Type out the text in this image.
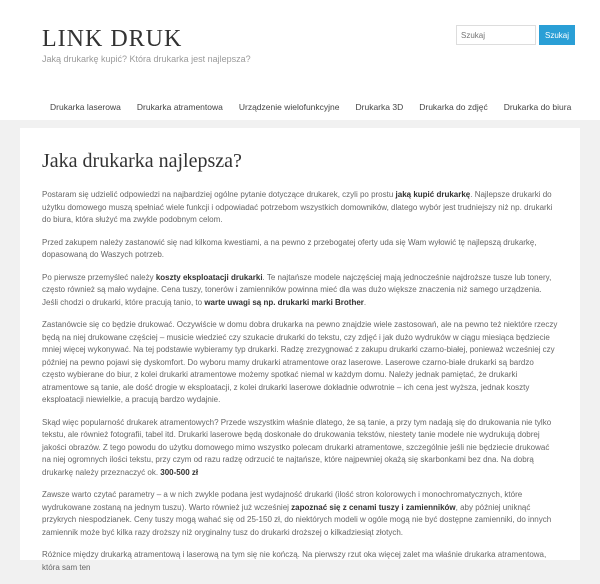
LINK DRUK
Jaką drukarkę kupić? Która drukarka jest najlepsza?
Szukaj
Szukaj
Drukarka laserowa	Drukarka atramentowa	Urządzenie wielofunkcyjne	Drukarka 3D	Drukarka do zdjęć	Drukarka do biura
Jaka drukarka najlepsza?

Postaram się udzielić odpowiedzi na najbardziej ogólne pytanie dotyczące drukarek, czyli po prostu jaką kupić drukarkę. Najlepsze drukarki do użytku domowego muszą spełniać wiele funkcji i odpowiadać potrzebom wszystkich domowników, dlatego wybór jest trudniejszy niż np. drukarki do biura, która służyć ma zwykle podobnym celom.

Przed zakupem należy zastanowić się nad kilkoma kwestiami, a na pewno z przebogatej oferty uda się Wam wyłowić tę najlepszą drukarkę, dopasowaną do Waszych potrzeb.

Po pierwsze przemyśleć należy koszty eksploatacji drukarki. Te najtańsze modele najczęściej mają jednocześnie najdroższe tusze lub tonery, często również są mało wydajne. Cena tuszy, tonerów i zamienników powinna mieć dla was dużo większe znaczenia niż samego urządzenia. Jeśli chodzi o drukarki, które pracują tanio, to warte uwagi są np. drukarki marki Brother.

Zastanówcie się co będzie drukować. Oczywiście w domu dobra drukarka na pewno znajdzie wiele zastosowań, ale na pewno też niektóre rzeczy będą na niej drukowane częściej – musicie wiedzieć czy szukacie drukarki do tekstu, czy zdjęć i jak dużo wydruków w ciągu miesiąca będziecie mniej więcej wykonywać. Na tej podstawie wybieramy typ drukarki. Radzę zrezygnować z zakupu drukarki czarno-białej, ponieważ wcześniej czy później na pewno pojawi się dyskomfort. Do wyboru mamy drukarki atramentowe oraz laserowe. Laserowe czarno-białe drukarki są bardzo często wybierane do biur, z kolei drukarki atramentowe możemy spotkać niemal w każdym domu. Należy jednak pamiętać, że drukarki atramentowe są tanie, ale dość drogie w eksploatacji, z kolei drukarki laserowe dokładnie odwrotnie – ich cena jest wyższa, jednak koszty eksploatacji niewielkie, a pracują bardzo wydajnie.

Skąd więc popularność drukarek atramentowych? Przede wszystkim właśnie dlatego, że są tanie, a przy tym nadają się do drukowania nie tylko tekstu, ale również fotografii, tabel itd. Drukarki laserowe będą doskonałe do drukowania tekstów, niestety tanie modele nie wydrukują dobrej jakości obrazów. Z tego powodu do użytku domowego mimo wszystko polecam drukarki atramentowe, szczególnie jeśli nie będziecie drukować na niej ogromnych ilości tekstu, przy czym od razu radzę odrzucić te najtańsze, które najpewniej okażą się skarbonkami bez dna. Na dobrą drukarkę należy przeznaczyć ok. 300-500 zł

Zawsze warto czytać parametry – a w nich zwykle podana jest wydajność drukarki (ilość stron kolorowych i monochromatycznych, które wydrukowane zostaną na jednym tuszu). Warto również już wcześniej zapoznać się z cenami tuszy i zamienników, aby później uniknąć przykrych niespodzianek. Ceny tuszy mogą wahać się od 25-150 zł, do niektórych modeli w ogóle mogą nie być dostępne zamienniki, do innych zamiennik może być kilka razy droższy niż oryginalny tusz do drukarki droższej o kilkadziesiąt złotych.

Różnice między drukarką atramentową i laserową na tym się nie kończą. Na pierwszy rzut oka więcej zalet ma właśnie drukarka atramentowa, która sam ten
